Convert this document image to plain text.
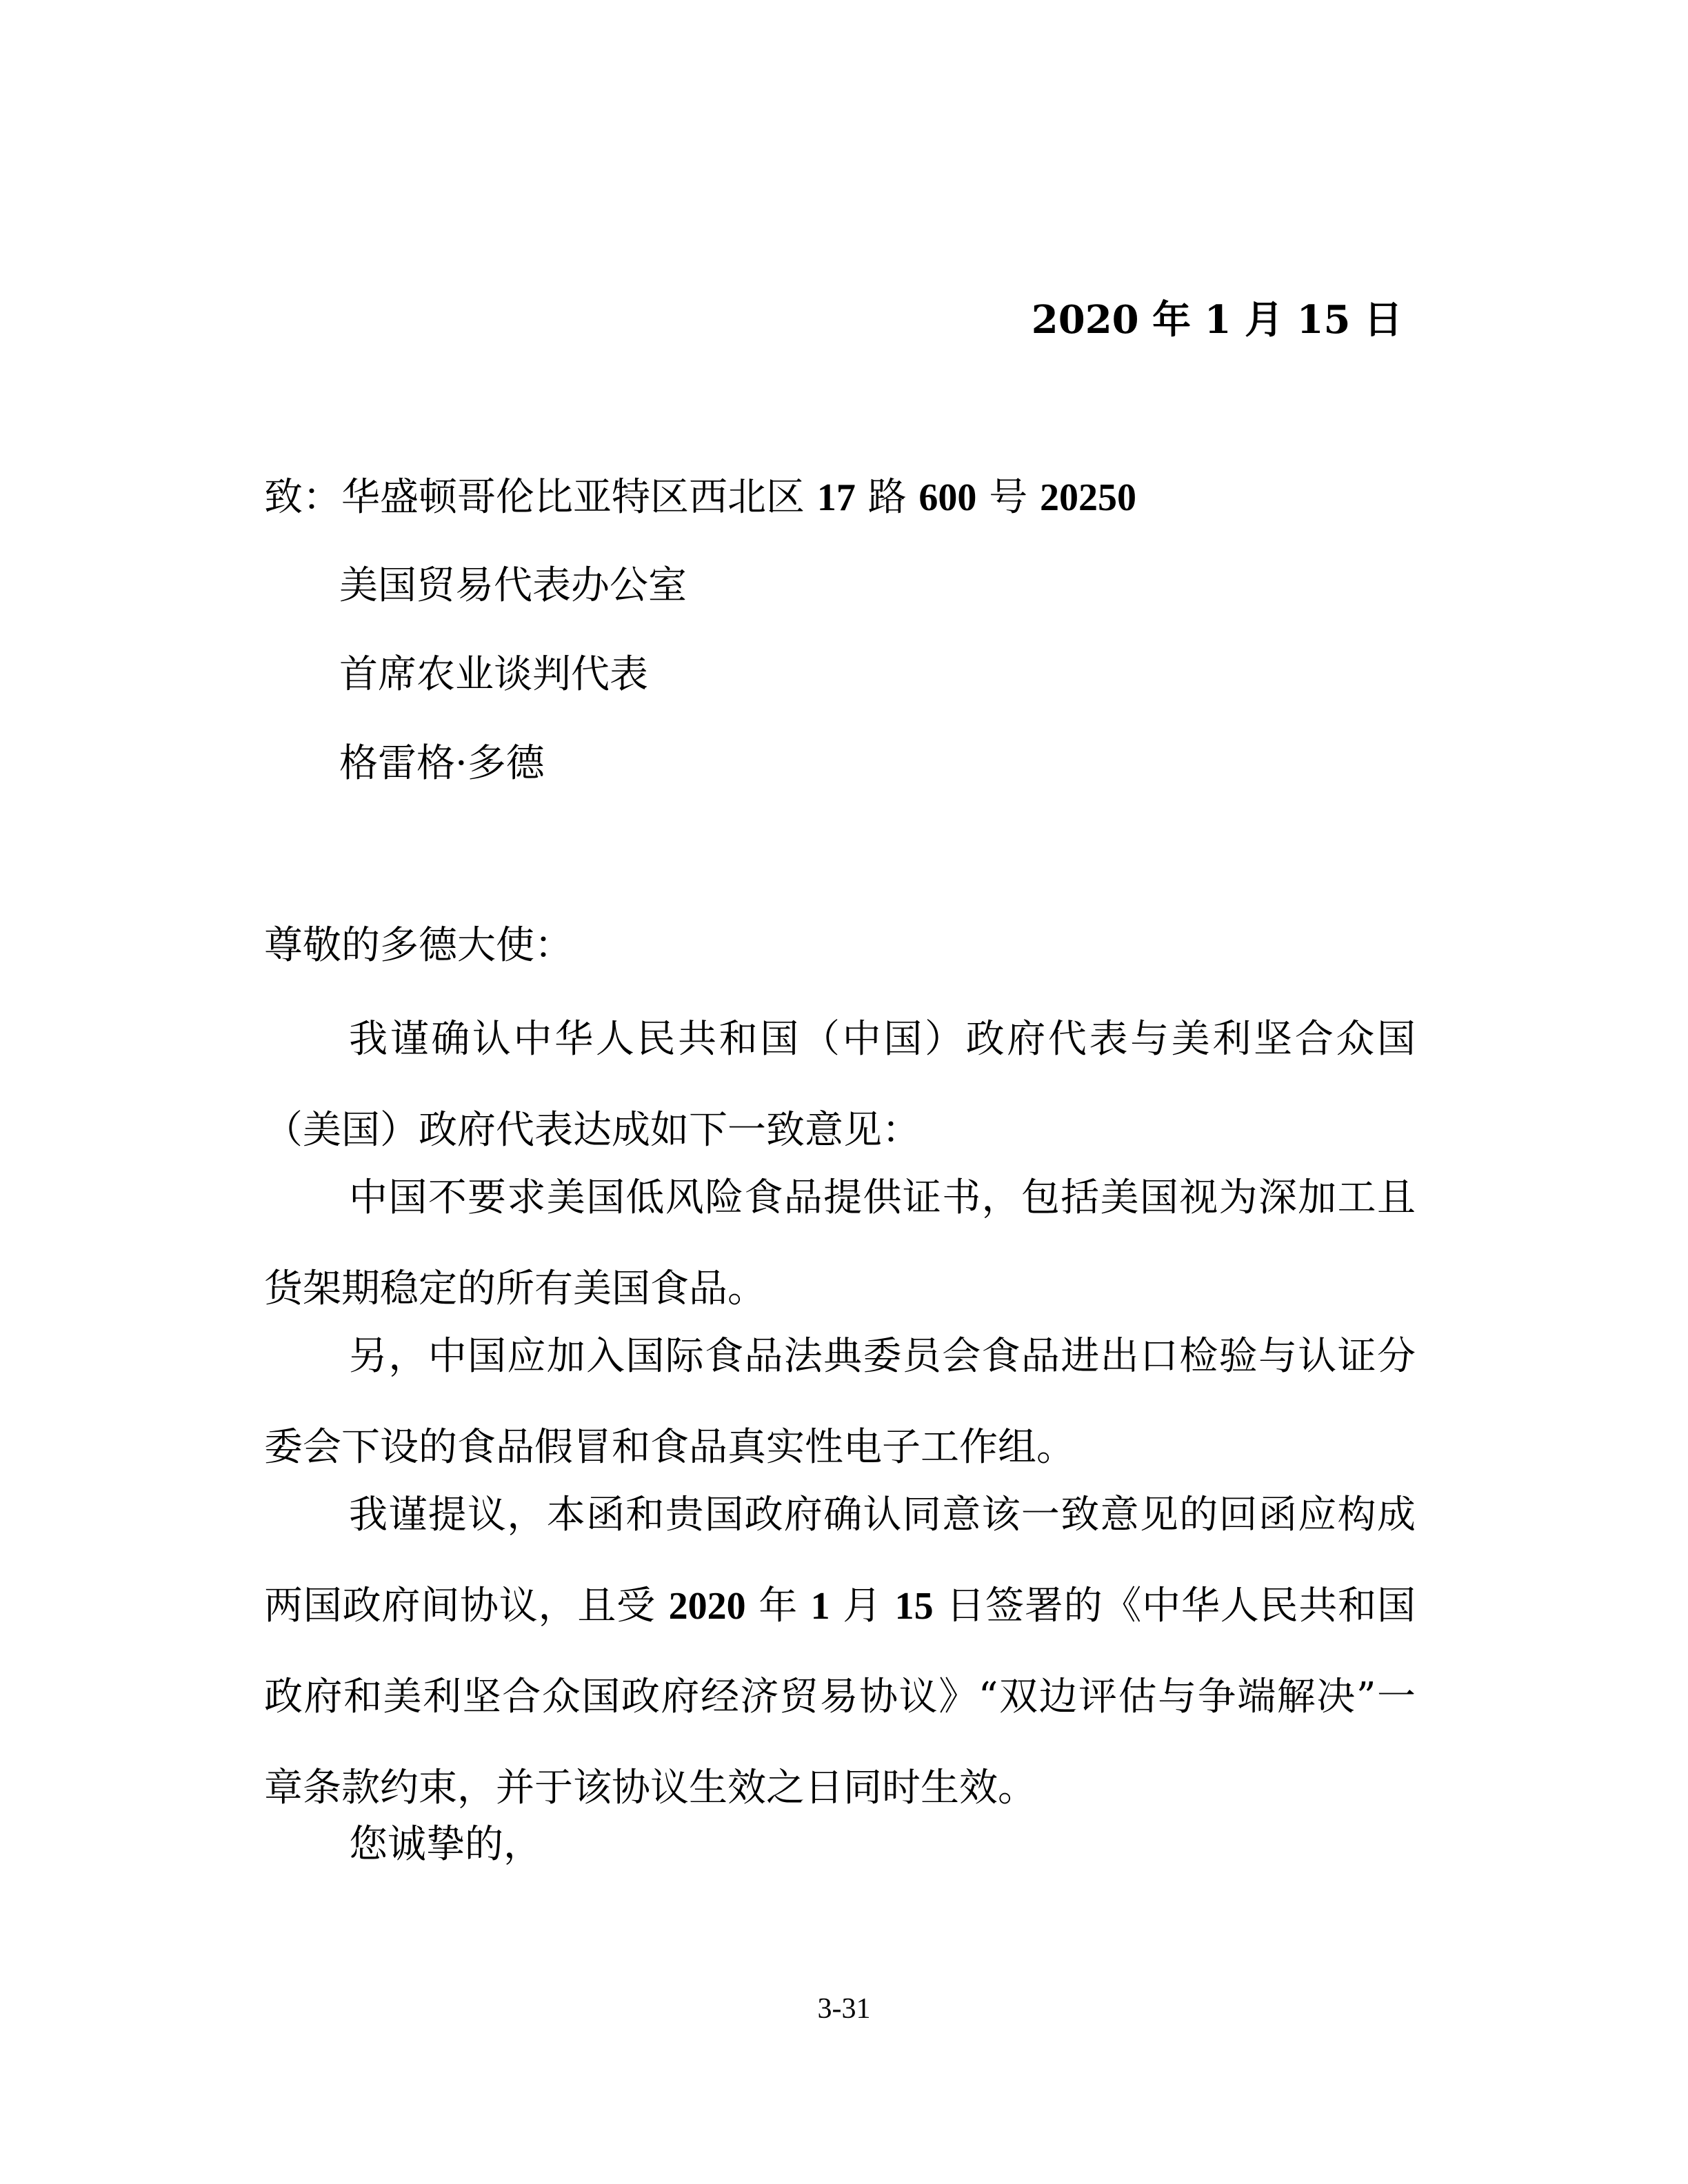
2020 年 1 月 15 日
致：华盛顿哥伦比亚特区西北区 17 路 600 号 20250
美国贸易代表办公室
首席农业谈判代表
格雷格·多德
尊敬的多德大使：
我谨确认中华人民共和国（中国）政府代表与美利坚合众国（美国）政府代表达成如下一致意见：
中国不要求美国低风险食品提供证书，包括美国视为深加工且货架期稳定的所有美国食品。
另，中国应加入国际食品法典委员会食品进出口检验与认证分委会下设的食品假冒和食品真实性电子工作组。
我谨提议，本函和贵国政府确认同意该一致意见的回函应构成两国政府间协议，且受 2020 年 1 月 15 日签署的《中华人民共和国政府和美利坚合众国政府经济贸易协议》“双边评估与争端解决”一章条款约束，并于该协议生效之日同时生效。
您诚挚的，
3-31
